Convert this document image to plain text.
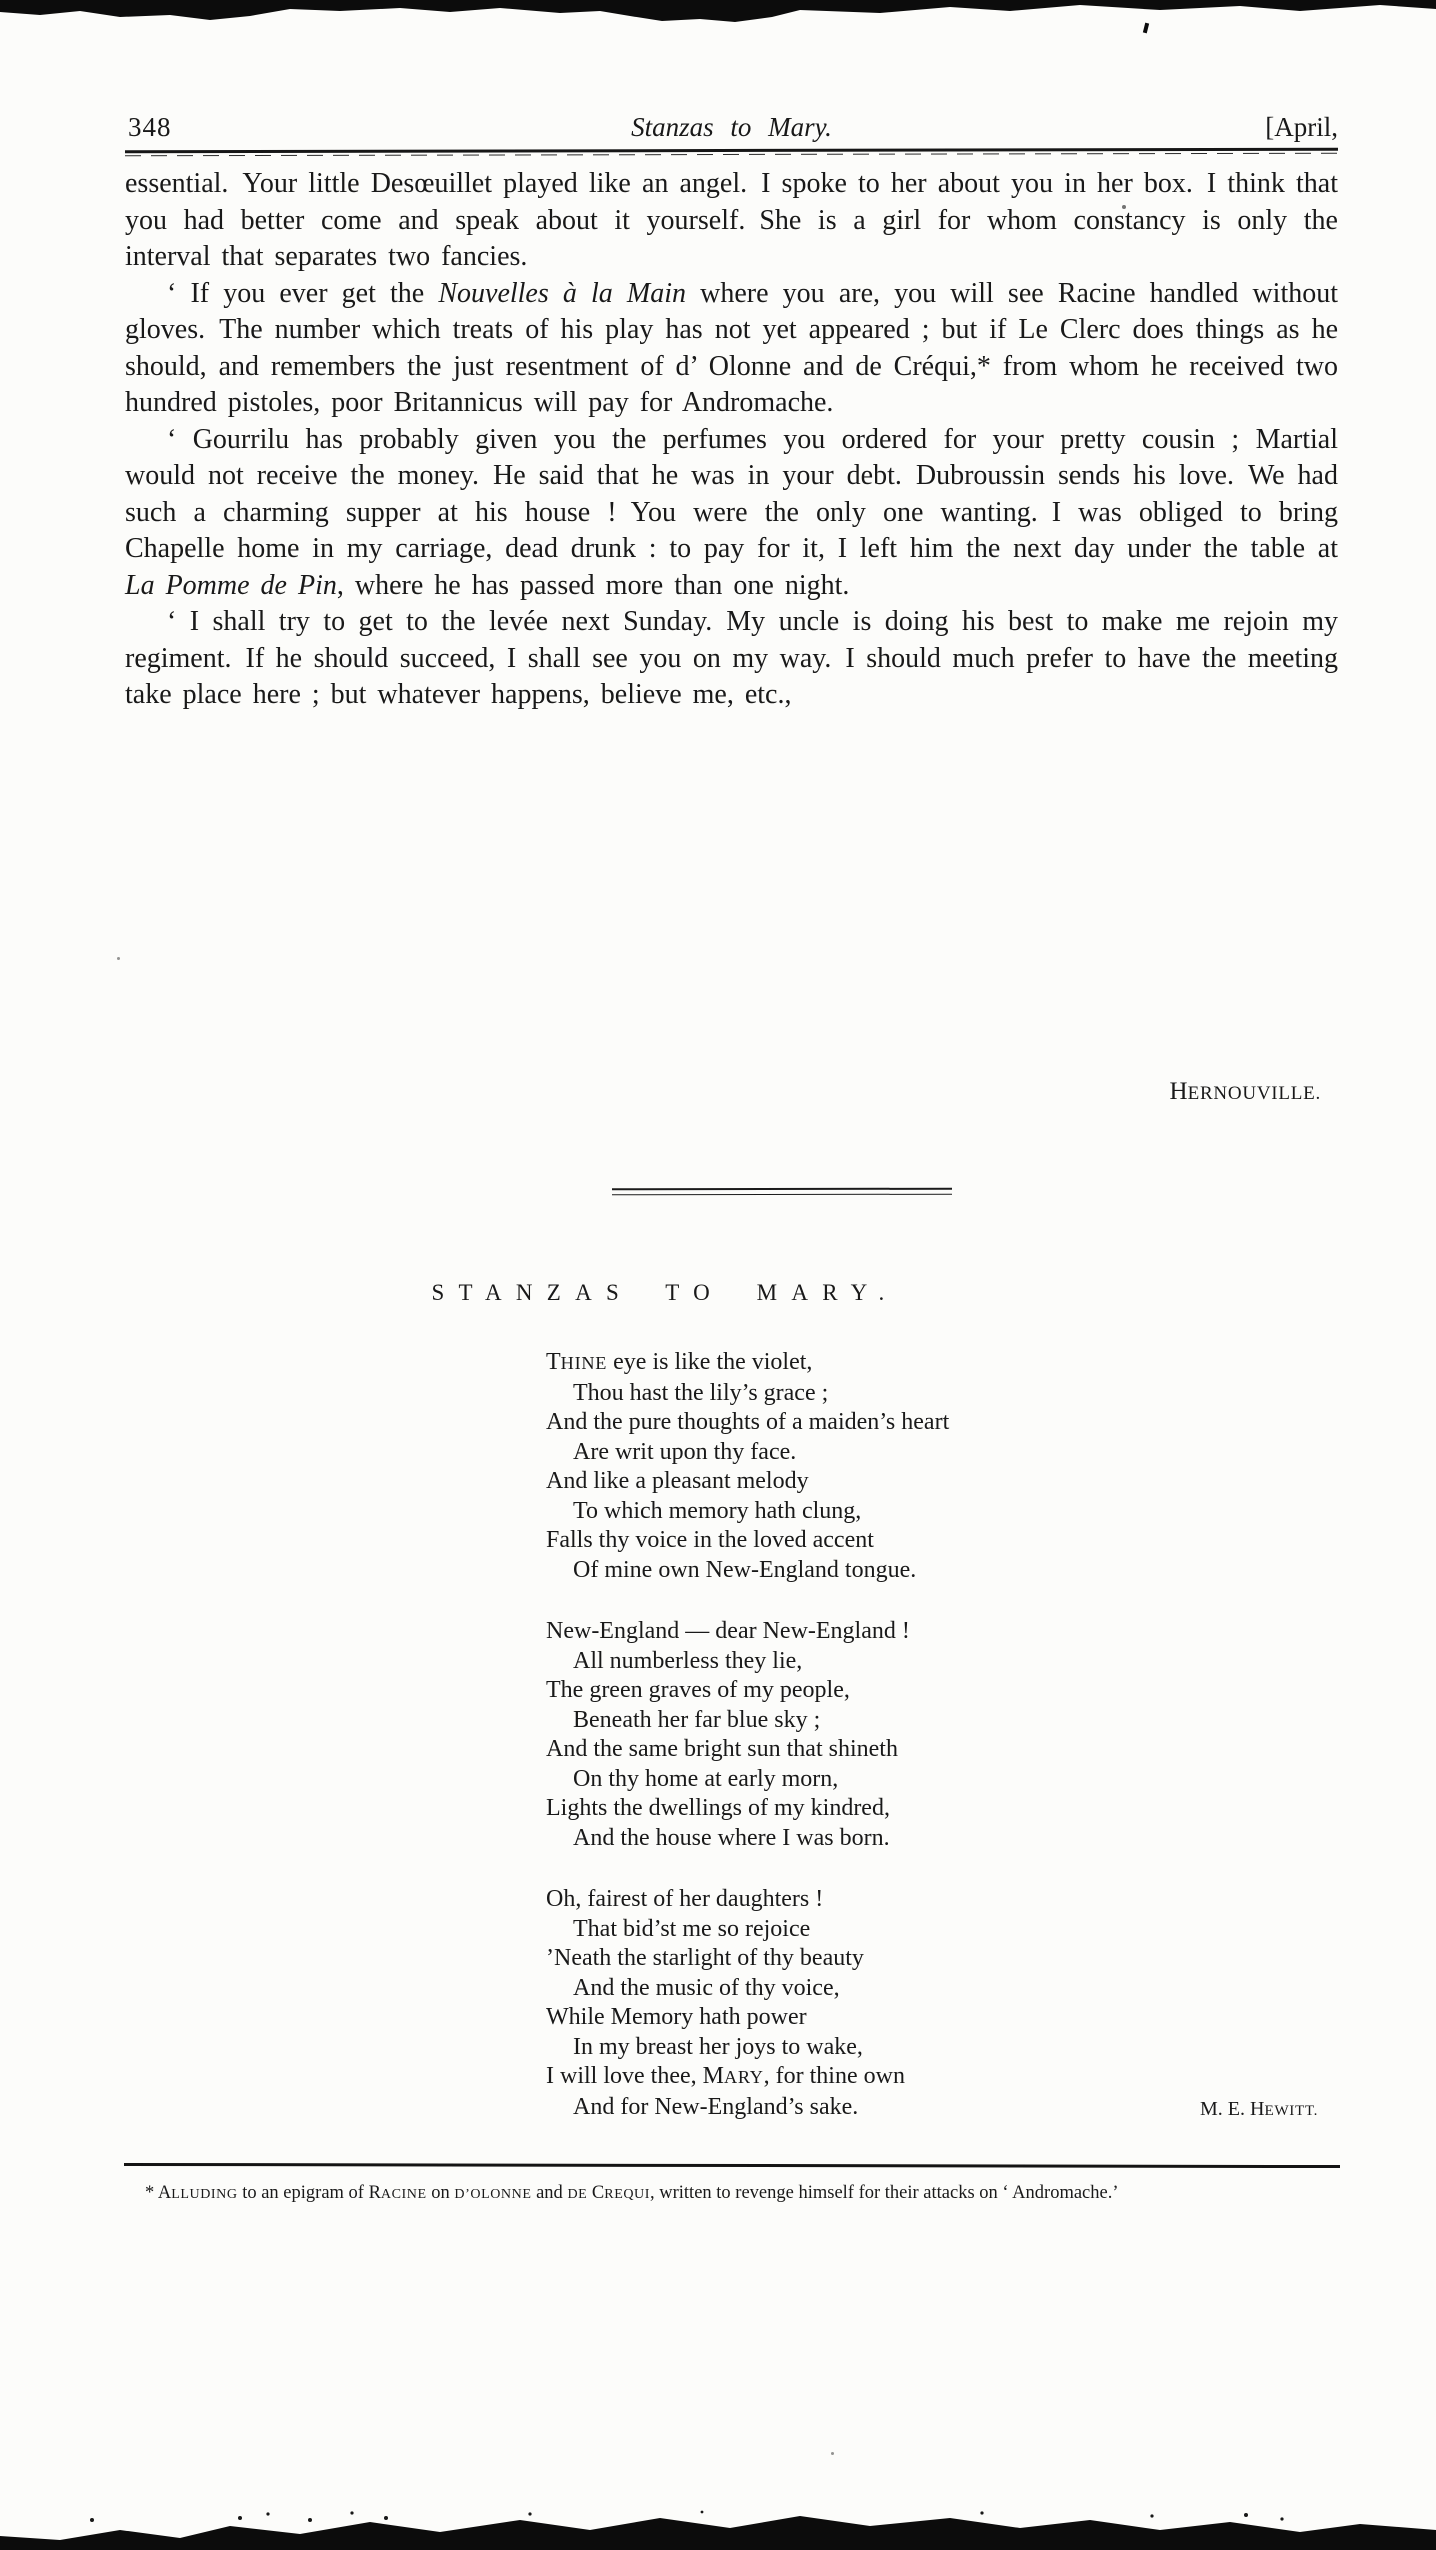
348	Stanzas to Mary.	[April,

essential. Your little Desœuillet played like an angel. I spoke to her about you in her box. I think that you had better come and speak about it yourself. She is a girl for whom constancy is only the interval that separates two fancies.

‘ If you ever get the Nouvelles à la Main where you are, you will see Racine handled without gloves. The number which treats of his play has not yet appeared ; but if Le Clerc does things as he should, and remembers the just resentment of d’ Olonne and de Créqui,* from whom he received two hundred pistoles, poor Britannicus will pay for Andromache.

‘ Gourrilu has probably given you the perfumes you ordered for your pretty cousin ; Martial would not receive the money. He said that he was in your debt. Dubroussin sends his love. We had such a charming supper at his house ! You were the only one wanting. I was obliged to bring Chapelle home in my carriage, dead drunk : to pay for it, I left him the next day under the table at La Pomme de Pin, where he has passed more than one night.

‘ I shall try to get to the levée next Sunday. My uncle is doing his best to make me rejoin my regiment. If he should succeed, I shall see you on my way. I should much prefer to have the meeting take place here ; but whatever happens, believe me, etc.,

HERNOUVILLE.
STANZAS TO MARY.
THINE eye is like the violet,
Thou hast the lily’s grace ;
And the pure thoughts of a maiden’s heart
Are writ upon thy face.
And like a pleasant melody
To which memory hath clung,
Falls thy voice in the loved accent
Of mine own New-England tongue.
New-England — dear New-England !
All numberless they lie,
The green graves of my people,
Beneath her far blue sky ;
And the same bright sun that shineth
On thy home at early morn,
Lights the dwellings of my kindred,
And the house where I was born.
Oh, fairest of her daughters !
That bid’st me so rejoice
’Neath the starlight of thy beauty
And the music of thy voice,
While Memory hath power
In my breast her joys to wake,
I will love thee, MARY, for thine own
And for New-England’s sake.	M. E. HEWITT.
* ALLUDING to an epigram of RACINE on D’OLONNE and DE CREQUI, written to revenge himself for their attacks on ‘ Andromache.’
